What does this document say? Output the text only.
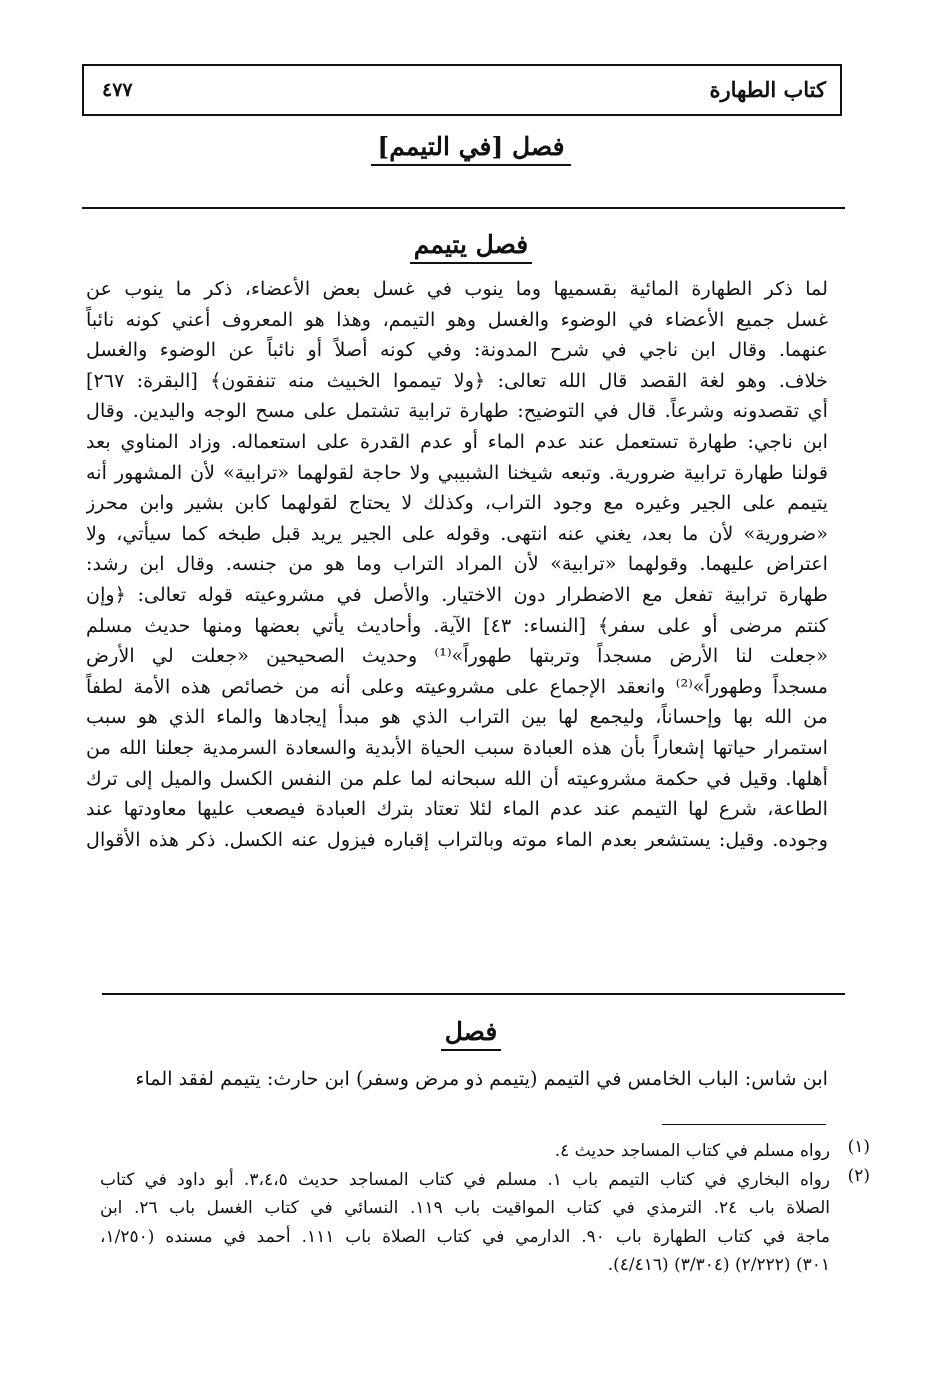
كتاب الطهارة
٤٧٧
فصل [في التيمم]
فصل يتيمم
لما ذكر الطهارة المائية بقسميها وما ينوب في غسل بعض الأعضاء، ذكر ما ينوب عن
غسل جميع الأعضاء في الوضوء والغسل وهو التيمم، وهذا هو المعروف أعني كونه نائباً
عنهما. وقال ابن ناجي في شرح المدونة: وفي كونه أصلاً أو نائباً عن الوضوء والغسل
خلاف. وهو لغة القصد قال الله تعالى: ﴿ولا تيمموا الخبيث منه تنفقون﴾ [البقرة: ٢٦٧]
أي تقصدونه وشرعاً. قال في التوضيح: طهارة ترابية تشتمل على مسح الوجه واليدين. وقال
ابن ناجي: طهارة تستعمل عند عدم الماء أو عدم القدرة على استعماله. وزاد المناوي بعد
قولنا طهارة ترابية ضرورية. وتبعه شيخنا الشبيبي ولا حاجة لقولهما «ترابية» لأن المشهور أنه
يتيمم على الجير وغيره مع وجود التراب، وكذلك لا يحتاج لقولهما كابن بشير وابن محرز
«ضرورية» لأن ما بعد، يغني عنه انتهى. وقوله على الجير يريد قبل طبخه كما سيأتي، ولا
اعتراض عليهما. وقولهما «ترابية» لأن المراد التراب وما هو من جنسه. وقال ابن رشد:
طهارة ترابية تفعل مع الاضطرار دون الاختيار. والأصل في مشروعيته قوله تعالى: ﴿وإن
كنتم مرضى أو على سفر﴾ [النساء: ٤٣] الآية. وأحاديث يأتي بعضها ومنها حديث مسلم
«جعلت لنا الأرض مسجداً وتربتها طهوراً»⁽¹⁾ وحديث الصحيحين «جعلت لي الأرض
مسجداً وطهوراً»⁽²⁾ وانعقد الإجماع على مشروعيته وعلى أنه من خصائص هذه الأمة لطفاً
من الله بها وإحساناً، وليجمع لها بين التراب الذي هو مبدأ إيجادها والماء الذي هو سبب
استمرار حياتها إشعاراً بأن هذه العبادة سبب الحياة الأبدية والسعادة السرمدية جعلنا الله من
أهلها. وقيل في حكمة مشروعيته أن الله سبحانه لما علم من النفس الكسل والميل إلى ترك
الطاعة، شرع لها التيمم عند عدم الماء لئلا تعتاد بترك العبادة فيصعب عليها معاودتها عند
وجوده. وقيل: يستشعر بعدم الماء موته وبالتراب إقباره فيزول عنه الكسل. ذكر هذه الأقوال
فصل
ابن شاس: الباب الخامس في التيمم (يتيمم ذو مرض وسفر) ابن حارث: يتيمم لفقد الماء
(١)
رواه مسلم في كتاب المساجد حديث ٤.
(٢)
رواه البخاري في كتاب التيمم باب ١. مسلم في كتاب المساجد حديث ٣،٤،٥. أبو داود في كتاب
الصلاة باب ٢٤. الترمذي في كتاب المواقيت باب ١١٩. النسائي في كتاب الغسل باب ٢٦. ابن
ماجة في كتاب الطهارة باب ٩٠. الدارمي في كتاب الصلاة باب ١١١. أحمد في مسنده (١/٢٥٠،
٣٠١) (٢/٢٢٢) (٣/٣٠٤) (٤/٤١٦).
